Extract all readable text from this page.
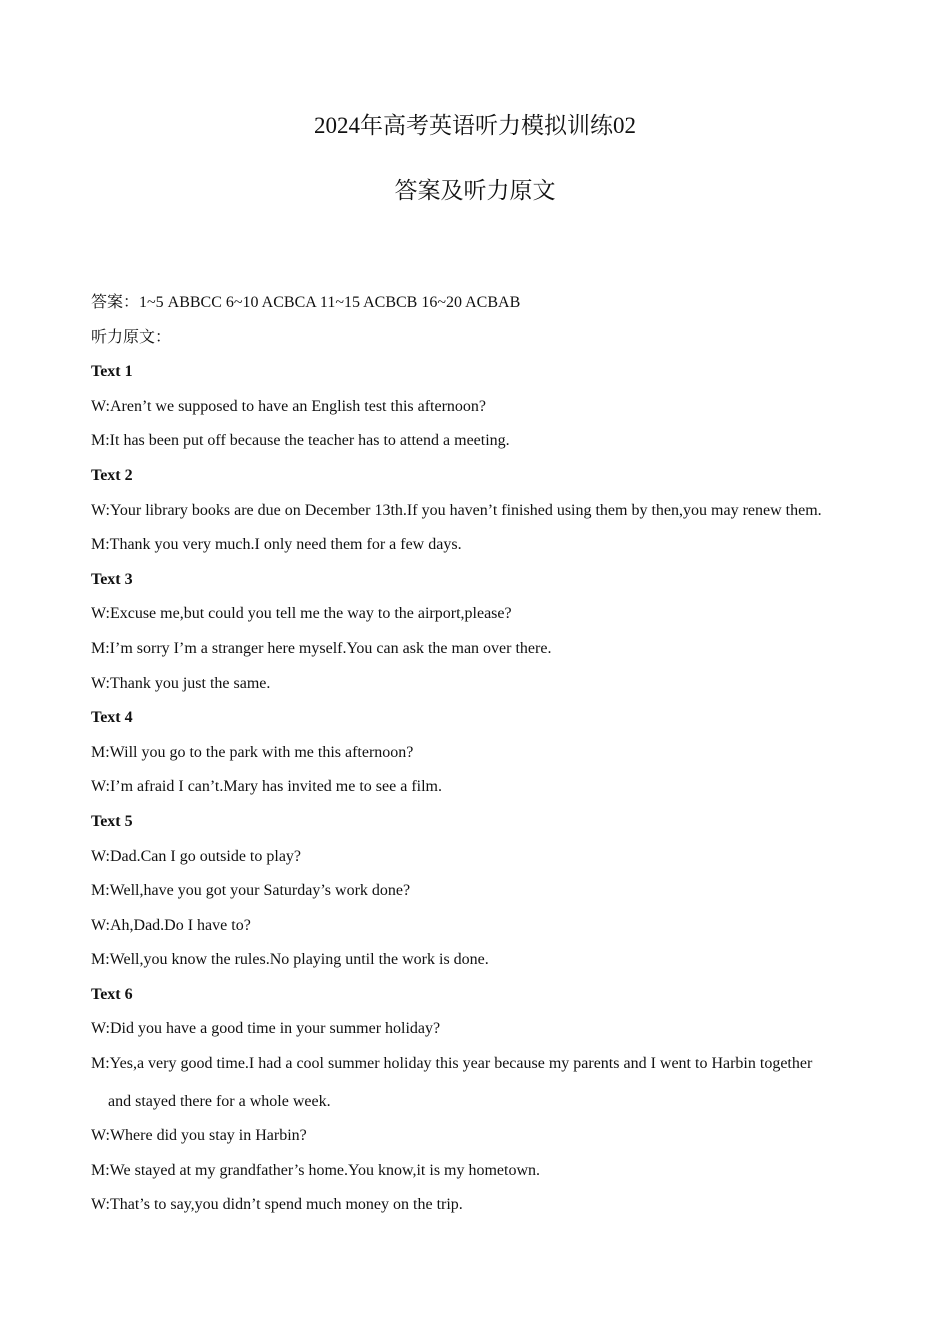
2024年高考英语听力模拟训练02
答案及听力原文
答案：1~5 ABBCC 6~10 ACBCA 11~15 ACBCB 16~20 ACBAB
听力原文：
Text 1
W:Aren’t we supposed to have an English test this afternoon?
M:It has been put off because the teacher has to attend a meeting.
Text 2
W:Your library books are due on December 13th.If you haven’t finished using them by then,you may renew them.
M:Thank you very much.I only need them for a few days.
Text 3
W:Excuse me,but could you tell me the way to the airport,please?
M:I’m sorry I’m a stranger here myself.You can ask the man over there.
W:Thank you just the same.
Text 4
M:Will you go to the park with me this afternoon?
W:I’m afraid I can’t.Mary has invited me to see a film.
Text 5
W:Dad.Can I go outside to play?
M:Well,have you got your Saturday’s work done?
W:Ah,Dad.Do I have to?
M:Well,you know the rules.No playing until the work is done.
Text 6
W:Did you have a good time in your summer holiday?
M:Yes,a very good time.I had a cool summer holiday this year because my parents and I went to Harbin together
and stayed there for a whole week.
W:Where did you stay in Harbin?
M:We stayed at my grandfather’s home.You know,it is my hometown.
W:That’s to say,you didn’t spend much money on the trip.
